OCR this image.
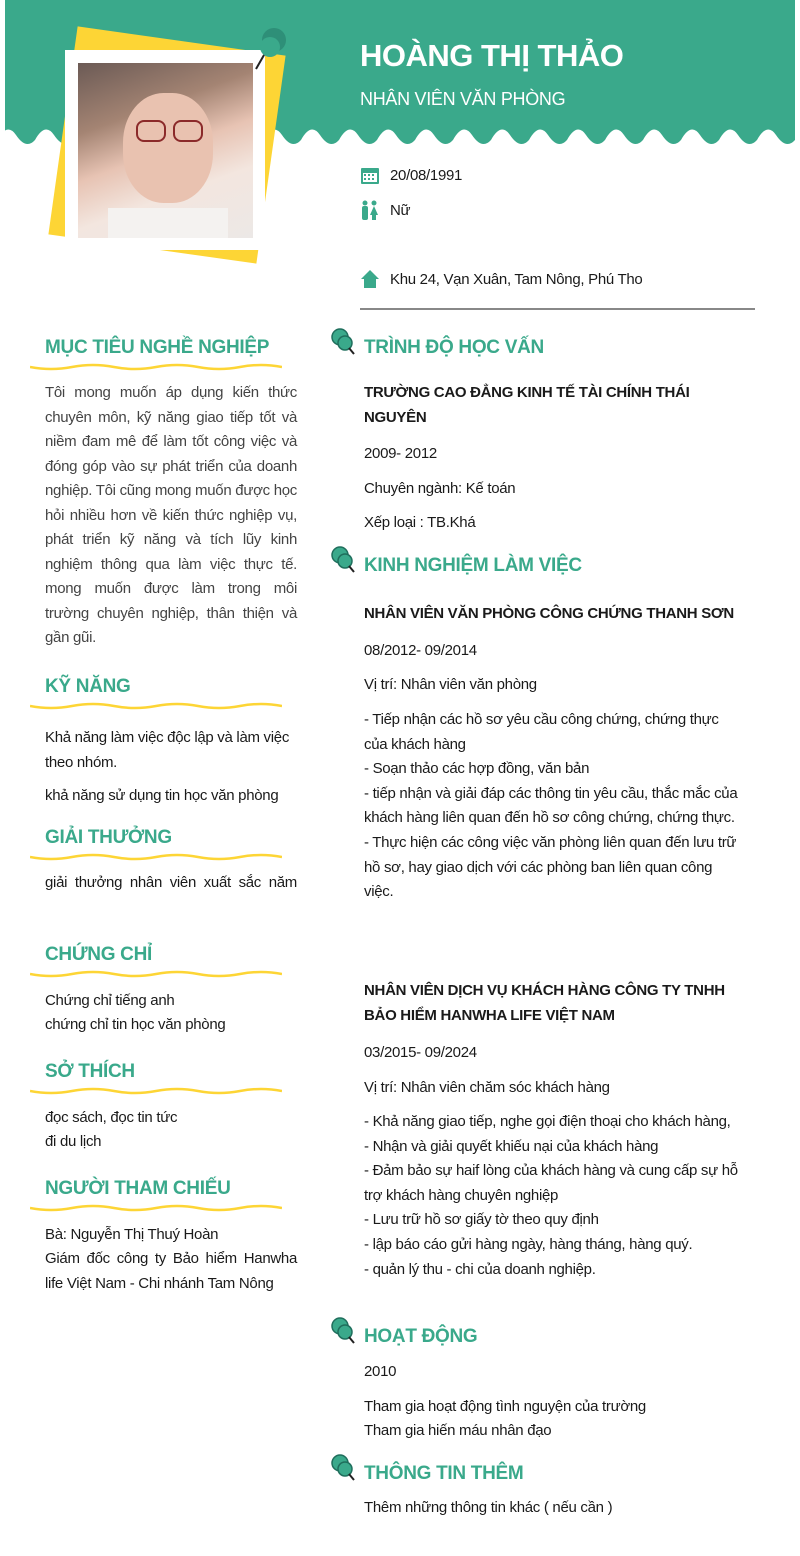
HOÀNG THỊ THẢO
NHÂN VIÊN VĂN PHÒNG
20/08/1991
Nữ
Khu 24, Vạn Xuân, Tam Nông, Phú Tho
MỤC TIÊU NGHỀ NGHIỆP
Tôi mong muốn áp dụng kiến thức chuyên môn, kỹ năng giao tiếp tốt và niềm đam mê để làm tốt công việc và đóng góp vào sự phát triển của doanh nghiệp. Tôi cũng mong muốn được học hỏi nhiều hơn về kiến thức nghiệp vụ, phát triển kỹ năng và tích lũy kinh nghiệm thông qua làm việc thực tế. mong muốn được làm trong môi trường chuyên nghiệp, thân thiện và gần gũi.
KỸ NĂNG
Khả năng làm việc độc lập và làm việc theo nhóm.
khả năng sử dụng tin học văn phòng
GIẢI THƯỞNG
giải thưởng nhân viên xuất sắc năm
CHỨNG CHỈ
Chứng chỉ tiếng anh
chứng chỉ tin học văn phòng
SỞ THÍCH
đọc sách, đọc tin tức
đi du lịch
NGƯỜI THAM CHIẾU
Bà: Nguyễn Thị Thuý Hoàn
Giám đốc công ty Bảo hiểm Hanwha life Việt Nam - Chi nhánh Tam Nông
TRÌNH ĐỘ HỌC VẤN
TRƯỜNG CAO ĐẲNG KINH TẾ TÀI CHÍNH THÁI NGUYÊN
2009- 2012
Chuyên ngành: Kế toán
Xếp loại : TB.Khá
KINH NGHIỆM LÀM VIỆC
NHÂN VIÊN VĂN PHÒNG CÔNG CHỨNG THANH SƠN
08/2012- 09/2014
Vị trí: Nhân viên văn phòng
- Tiếp nhận các hồ sơ yêu cầu công chứng, chứng thực của khách hàng
- Soạn thảo các hợp đồng, văn bản
- tiếp nhận và giải đáp các thông tin yêu cầu, thắc mắc của khách hàng liên quan đến hồ sơ công chứng, chứng thực.
- Thực hiện các công việc văn phòng liên quan đến lưu trữ hồ sơ, hay giao dịch với các phòng ban liên quan công việc.
NHÂN VIÊN DỊCH VỤ KHÁCH HÀNG CÔNG TY TNHH BẢO HIỂM HANWHA LIFE VIỆT NAM
03/2015- 09/2024
Vị trí: Nhân viên chăm sóc khách hàng
- Khả năng giao tiếp, nghe gọi điện thoại cho khách hàng,
- Nhận và giải quyết khiếu nại của khách hàng
- Đảm bảo sự haif lòng của khách hàng và cung cấp sự hỗ trợ khách hàng chuyên nghiệp
- Lưu trữ hồ sơ giấy tờ theo quy định
- lập báo cáo gửi hàng ngày, hàng tháng, hàng quý.
- quản lý thu - chi của doanh nghiệp.
HOẠT ĐỘNG
2010
Tham gia hoạt động tình nguyện của trường
Tham gia hiến máu nhân đạo
THÔNG TIN THÊM
Thêm những thông tin khác ( nếu cần )
